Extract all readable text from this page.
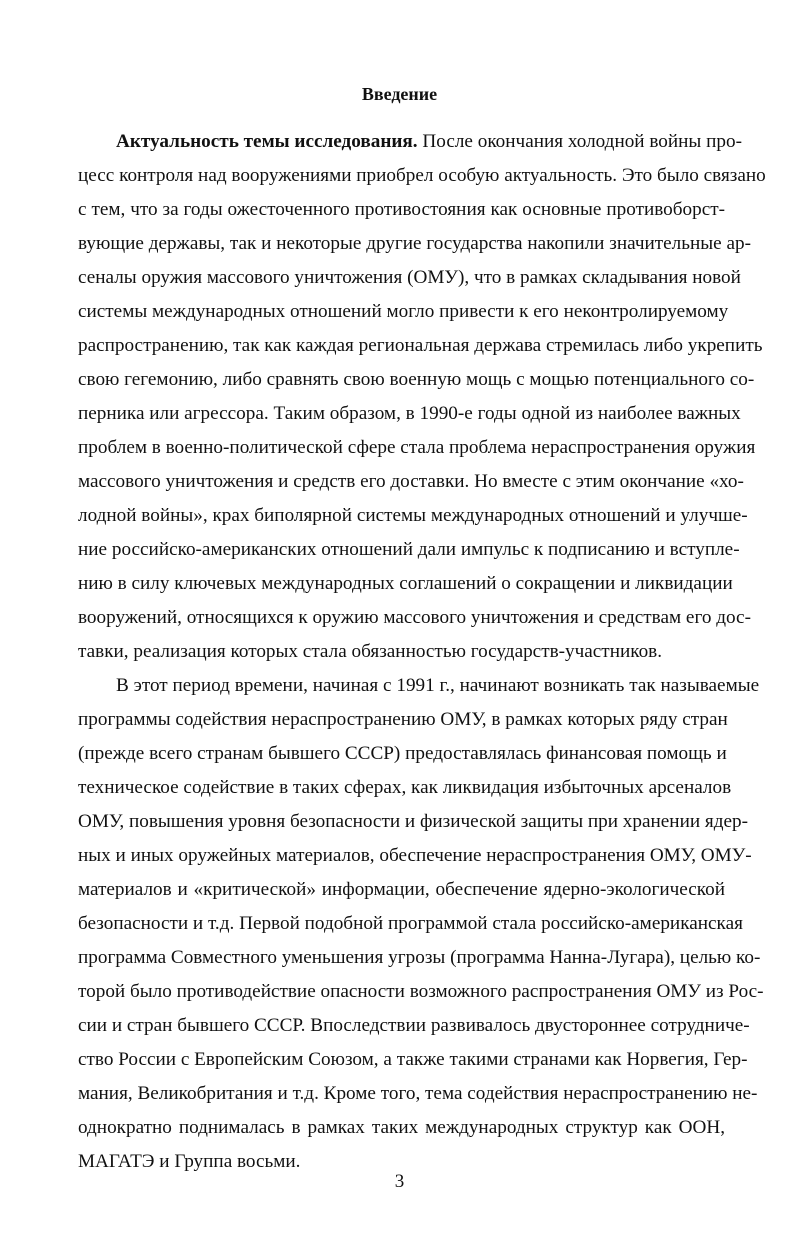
Введение
Актуальность темы исследования. После окончания холодной войны про-
цесс контроля над вооружениями приобрел особую актуальность. Это было связано
с тем, что за годы ожесточенного противостояния как основные противоборст-
вующие державы, так и некоторые другие государства накопили значительные ар-
сеналы оружия массового уничтожения (ОМУ), что в рамках складывания новой
системы международных отношений могло привести к его неконтролируемому
распространению, так как каждая региональная держава стремилась либо укрепить
свою гегемонию, либо сравнять свою военную мощь с мощью потенциального со-
перника или агрессора. Таким образом, в 1990-е годы одной из наиболее важных
проблем в военно-политической сфере стала проблема нераспространения оружия
массового уничтожения и средств его доставки. Но вместе с этим окончание «хо-
лодной войны», крах биполярной системы международных отношений и улучше-
ние российско-американских отношений дали импульс к подписанию и вступле-
нию в силу ключевых международных соглашений о сокращении и ликвидации
вооружений, относящихся к оружию массового уничтожения и средствам его дос-
тавки, реализация которых стала обязанностью государств-участников.
В этот период времени, начиная с 1991 г., начинают возникать так называемые
программы содействия нераспространению ОМУ, в рамках которых ряду стран
(прежде всего странам бывшего СССР) предоставлялась финансовая помощь и
техническое содействие в таких сферах, как ликвидация избыточных арсеналов
ОМУ, повышения уровня безопасности и физической защиты при хранении ядер-
ных и иных оружейных материалов, обеспечение нераспространения ОМУ, ОМУ-
материалов и «критической» информации, обеспечение ядерно-экологической
безопасности и т.д. Первой подобной программой стала российско-американская
программа Совместного уменьшения угрозы (программа Нанна-Лугара), целью ко-
торой было противодействие опасности возможного распространения ОМУ из Рос-
сии и стран бывшего СССР. Впоследствии развивалось двустороннее сотрудниче-
ство России с Европейским Союзом, а также такими странами как Норвегия, Гер-
мания, Великобритания и т.д. Кроме того, тема содействия нераспространению не-
однократно поднималась в рамках таких международных структур как ООН,
МАГАТЭ и Группа восьми.
3
